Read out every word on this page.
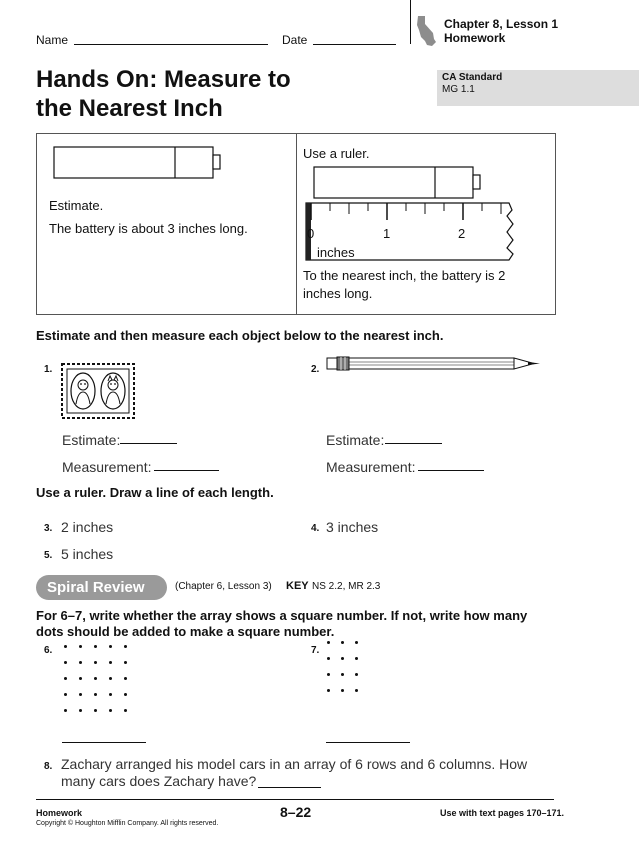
Name	Date
Chapter 8, Lesson 1
Homework
Hands On: Measure to
the Nearest Inch
CA Standard
MG 1.1
Estimate.
The battery is about 3 inches long.
Use a ruler.
0	1	2
inches
To the nearest inch, the battery is 2
inches long.
Estimate and then measure each object below to the nearest inch.
1.
Estimate:
Measurement:
2.
Estimate:
Measurement:
Use a ruler. Draw a line of each length.
3. 2 inches	4. 3 inches
5. 5 inches
Spiral Review	(Chapter 6, Lesson 3) KEY NS 2.2, MR 2.3
For 6–7, write whether the array shows a square number. If not, write how many
dots should be added to make a square number.
6.	7.
8. Zachary arranged his model cars in an array of 6 rows and 6 columns. How
many cars does Zachary have?
Homework
Copyright © Houghton Mifflin Company. All rights reserved.
8–22	Use with text pages 170–171.
